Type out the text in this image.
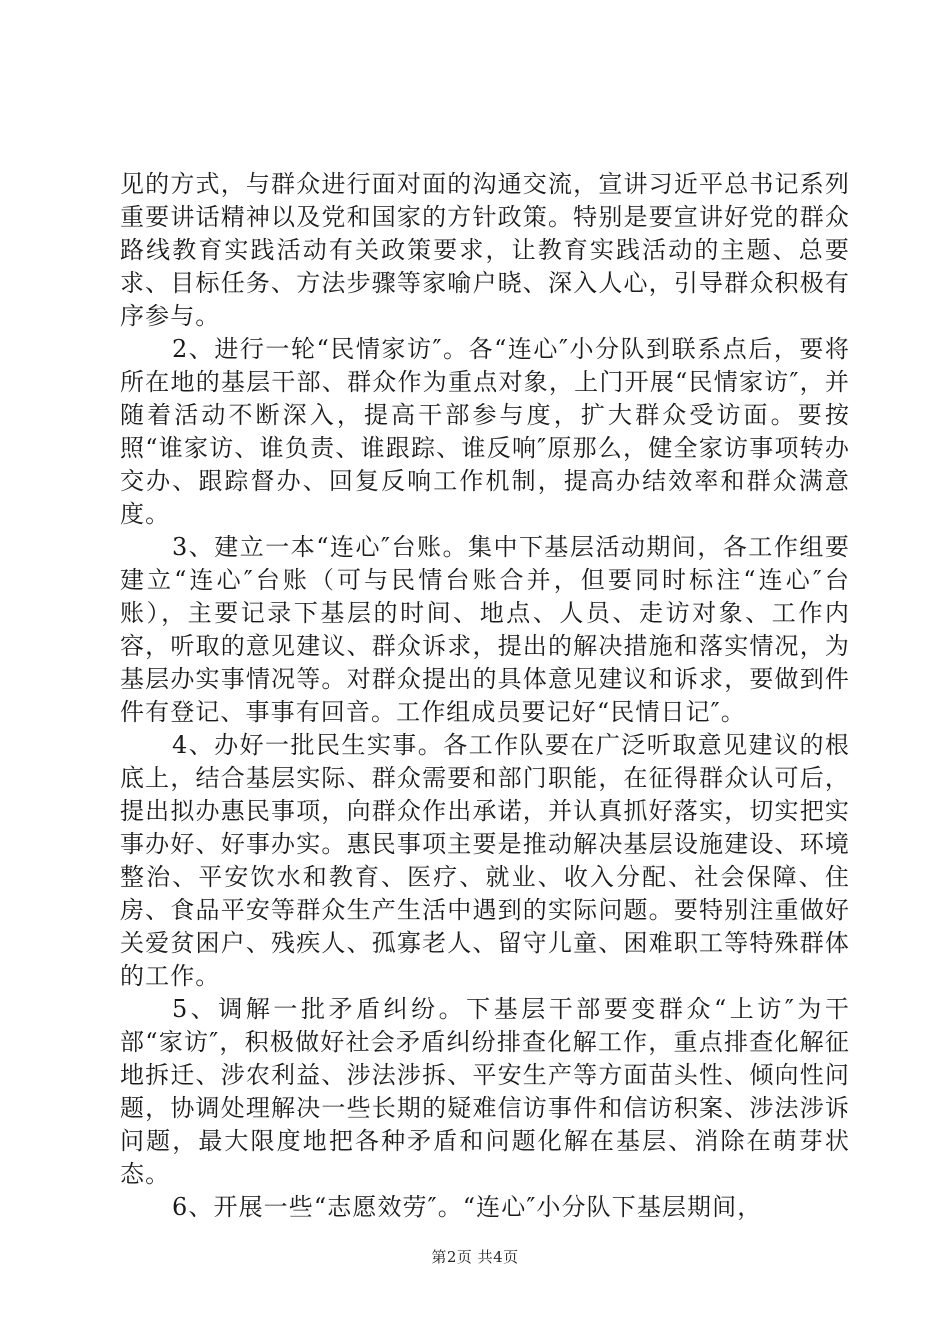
见的方式，与群众进行面对面的沟通交流，宣讲习近平总书记系列重要讲话精神以及党和国家的方针政策。特别是要宣讲好党的群众路线教育实践活动有关政策要求，让教育实践活动的主题、总要求、目标任务、方法步骤等家喻户晓、深入人心，引导群众积极有序参与。

2、进行一轮“民情家访″。各“连心″小分队到联系点后，要将所在地的基层干部、群众作为重点对象，上门开展“民情家访″，并随着活动不断深入，提高干部参与度，扩大群众受访面。要按照“谁家访、谁负责、谁跟踪、谁反响″原那么，健全家访事项转办交办、跟踪督办、回复反响工作机制，提高办结效率和群众满意度。

3、建立一本“连心″台账。集中下基层活动期间，各工作组要建立“连心″台账（可与民情台账合并，但要同时标注“连心″台账），主要记录下基层的时间、地点、人员、走访对象、工作内容，听取的意见建议、群众诉求，提出的解决措施和落实情况，为基层办实事情况等。对群众提出的具体意见建议和诉求，要做到件件有登记、事事有回音。工作组成员要记好“民情日记″。

4、办好一批民生实事。各工作队要在广泛听取意见建议的根底上，结合基层实际、群众需要和部门职能，在征得群众认可后，提出拟办惠民事项，向群众作出承诺，并认真抓好落实，切实把实事办好、好事办实。惠民事项主要是推动解决基层设施建设、环境整治、平安饮水和教育、医疗、就业、收入分配、社会保障、住房、食品平安等群众生产生活中遇到的实际问题。要特别注重做好关爱贫困户、残疾人、孤寡老人、留守儿童、困难职工等特殊群体的工作。

5、调解一批矛盾纠纷。下基层干部要变群众“上访″为干部“家访″，积极做好社会矛盾纠纷排查化解工作，重点排查化解征地拆迁、涉农利益、涉法涉拆、平安生产等方面苗头性、倾向性问题，协调处理解决一些长期的疑难信访事件和信访积案、涉法涉诉问题，最大限度地把各种矛盾和问题化解在基层、消除在萌芽状态。

6、开展一些“志愿效劳″。“连心″小分队下基层期间，

第2页 共4页
